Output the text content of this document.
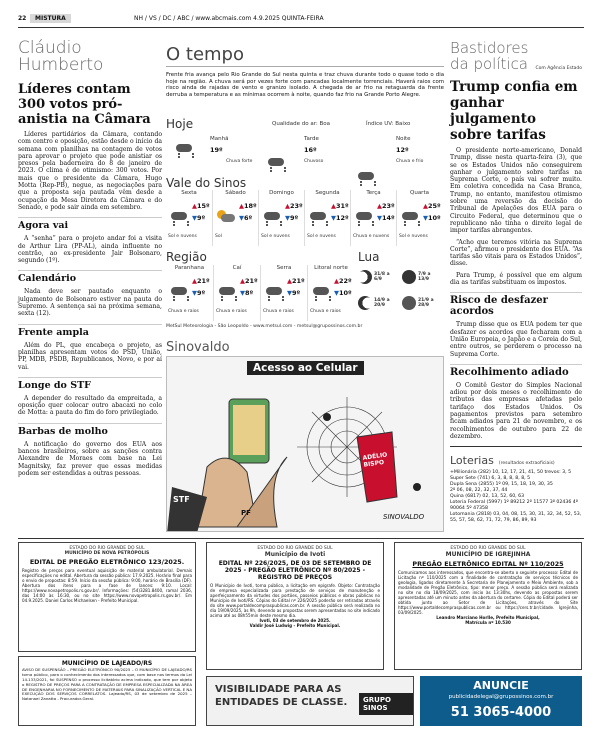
22	MISTURA	NH / VS / DC / ABC / www.abcmais.com 4.9.2025 QUINTA-FEIRA
Cláudio
Humberto
Líderes contam 300 votos pró-anistia na Câmara
Líderes partidários da Câmara, contando com centro e oposição, estão desde o início da semana com planilhas na contagem de votos para aprovar o projeto que pode anistiar os presos pela baderneira do 8 de janeiro de 2023. O clima é de otimismo: 300 votos. Por mais que o presidente da Câmara, Hugo Motta (Rep-PB), negue, as negociações para que a proposta seja pautada vêm desde a ocupação da Mesa Diretora da Câmara e do Senado, e pode sair ainda em setembro.
Agora vai
A “senha” para o projeto andar foi a visita de Arthur Lira (PP-AL), ainda influente no centrão, ao ex-presidente Jair Bolsonaro, segundo (1º).
Calendário
Nada deve ser pautado enquanto o julgamento de Bolsonaro estiver na pauta do Supremo. A sentença sai na próxima semana, sexta (12).
Frente ampla
Além do PL, que encabeça o projeto, as planilhas apresentam votos do PSD, União, PP, MDB, PSDB, Republicanos, Novo, e por aí vai.
Longe do STF
A depender do resultado da empreitada, a oposição quer colocar outro abacaxi no colo de Motta: a pauta do fim do foro privilegiado.
Barbas de molho
A notificação do governo dos EUA aos bancos brasileiros, sobre as sanções contra Alexandre de Moraes com base na Lei Magnitsky, faz prever que essas medidas podem ser estendidas a outras pessoas.
O tempo
Frente fria avança pelo Rio Grande do Sul nesta quinta e traz chuva durante todo o quase todo o dia hoje na região. A chuva será por vezes forte com pancadas localmente torrenciais. Haverá raios com risco ainda de rajadas de vento e granizo isolado. A chegada de ar frio na retaguarda da frente derruba a temperatura e as mínimas ocorrem à noite, quando faz frio na Grande Porto Alegre.
Hoje	Qualidade do ar: Boa	Índice UV: Baixo
Manhã
19º
Chuva forte
Tarde
16º
Chuvoso
Noite
12º
Chuva e frio
Vale do Sinos
Sexta
▲15º
▼9º
Sol e nuvens
Sábado
▲18º
▼6º
Sol
Domingo
▲23º
▼9º
Sol e nuvens
Segunda
▲31º
▼12º
Sol e nuvens
Terça
▲23º
▼14º
Chuva e nuvens
Quarta
▲25º
▼10º
Sol e nuvens
Região
Paranhana
▲21º
▼9º
Chuva e raios
Caí
▲21º
▼8º
Chuva e raios
Serra
▲21º
▼9º
Chuva e raios
Litoral norte
▲22º
▼10º
Chuva e raios
Lua
31/8 a 6/9
7/9 a 13/9
14/9 a 20/9
21/9 a 28/9
MetSul Meteorologia - São Leopoldo - www.metsul.com - metsul@grupossinos.com.br
Sinovaldo
Acesso ao Celular
ADÉLIO BISPO
PF
STF
SINOVALDO
Bastidores
da política	Com Agência Estado
Trump confia em ganhar julgamento sobre tarifas
O presidente norte-americano, Donald Trump, disse nesta quarta-feira (3), que se os Estados Unidos não conseguirem ganhar o julgamento sobre tarifas na Suprema Corte, o país vai sofrer muito. Em coletiva concedida na Casa Branca, Trump, no entanto, manifestou otimismo sobre uma reversão da decisão do Tribunal de Apelações dos EUA para o Circuito Federal, que determinou que o republicano não tinha o direito legal de impor tarifas abrangentes.
“Acho que teremos vitória na Suprema Corte”, afirmou o presidente dos EUA. “As tarifas são vitais para os Estados Unidos”, disse.
Para Trump, é possível que em algum dia as tarifas substituam os impostos.
Risco de desfazer acordos
Trump disse que os EUA podem ter que desfazer os acordos que fecharam com a União Europeia, o Japão e a Coreia do Sul, entre outros, se perderem o processo na Suprema Corte.
Recolhimento adiado
O Comitê Gestor do Simples Nacional adiou por dois meses o recolhimento de tributos das empresas afetadas pelo tarifaço dos Estados Unidos. Os pagamentos previstos para setembro ficam adiados para 21 de novembro, e os recolhimentos de outubro para 22 de dezembro.
Loterias (resultados extraoficiais)
+Milionária (282) 10, 12, 17, 21, 41, 50 trevos: 3, 5
Super Sete (741) 6, 3, 8, 8, 8, 8, 5
Dupla Sena (2855) 1º 09, 15, 18, 19, 30, 35
2º 06, 08, 22, 32, 37, 44
Quina (6817) 02, 13, 52, 60, 63
Loteria Federal (5997) 1º 89212 2º 11577 3º 02436 4º 90064 5º 47358
Lotomania (2818) 03, 04, 08, 15, 30, 31, 32, 34, 52, 53, 55, 57, 58, 62, 71, 72, 79, 86, 89, 93
ESTADO DO RIO GRANDE DO SUL
MUNICÍPIO DE NOVA PETRÓPOLIS
EDITAL DE PREGÃO ELETRÔNICO 123/2025.
Registro de preços para eventual aquisição de material ambulatorial. Demais especificações no edital. Abertura da sessão pública: 17.9.2025. Horário final para o envio de propostas: 8:59. Início da sessão pública: 9:00, horário de Brasília (DF). Abertura dos itens para a fase de lances: 9:10. Local: https://www.novapetropolis.rs.gov.br/. Informações: (54)3281.8400, ramal 2036, das 14:00 às 16:30, ou no site https://www.novapetropolis.rs.gov.br/. Em 04.9.2025. Daniel Carlos Michaelsen - Prefeito Municipal.
ESTADO DO RIO GRANDE DO SUL
Município de Ivoti
EDITAL Nº 226/2025, DE 03 DE SETEMBRO DE 2025 - PREGÃO ELETRÔNICO Nº 80/2025 - REGISTRO DE PREÇOS
O Município de Ivoti, torna público, a licitação em epígrafe. Objeto: Contratação de empresa especializada para prestação de serviços de manutenção e aperfeiçoamento da virtudes dos portões, passeios públicos e obras públicas no Município de Ivoti/RS. Cópias do Edital nº 226/2025 poderão ser retiradas através do site www.portaldecompraspublicas.com.br. A sessão pública será realizada no dia 19/09/2025, às 9h, devendo as propostas serem apresentadas no site indicado acima até as 08h55min deste mesmo dia.
Ivoti, 03 de setembro de 2025.
Valdir José Ludwig - Prefeito Municipal.
ESTADO DO RIO GRANDE DO SUL
MUNICÍPIO DE IGREJINHA
PREGÃO ELETRÔNICO EDITAL Nº 110/2025
Comunicamos aos interessados, que encontra-se aberto o seguinte processo: Edital de Licitação nº 110/2025 com a finalidade de contratação de serviços técnicos de geologia, ligados diretamente à Secretaria de Planejamento e Meio Ambiente, sob a modalidade de Pregão Eletrônico, tipo: menor preço. A sessão pública será realizada no site no dia 18/09/2025, com início às 13:30hs, devendo as propostas serem apresentadas até um minuto antes da abertura do certame. Cópia do Edital poderá ser obtida junto ao Setor de Licitações, através do Site https://www.portaldecompraspublicas.com.br ou https://cers.tr.br/cidade. Igrejinha, 03/09/2025.
Leandro Marciano Horlle, Prefeito Municipal,
Matrícula nº 10.530
MUNICÍPIO DE LAJEADO/RS
AVISO DE SUSPENSÃO – PREGÃO ELETRÔNICO 90/2025 – O MUNICÍPIO DE LAJEADO/RS torna público, para o conhecimento dos interessados que, com base nos termos da Lei 14.133/2021, foi SUSPENSO o processo licitatório acima indicado, que tem por objeto o REGISTRO DE PREÇOS PARA A CONTRATAÇÃO DE EMPRESA ESPECIALIZADA NA ÁREA DE ENGENHARIA NO FORNECIMENTO DE MATERIAIS PARA SINALIZAÇÃO VERTICAL E NA EXECUÇÃO DOS SERVIÇOS CORRELATOS. Lajeado/RS, 03 de setembro de 2025 – Natanael Zanatta - Procurador-Geral.
VISIBILIDADE PARA AS ENTIDADES DE CLASSE.	GRUPO SINOS
ANUNCIE
publicidadelegal@grupossinos.com.br
51 3065-4000
